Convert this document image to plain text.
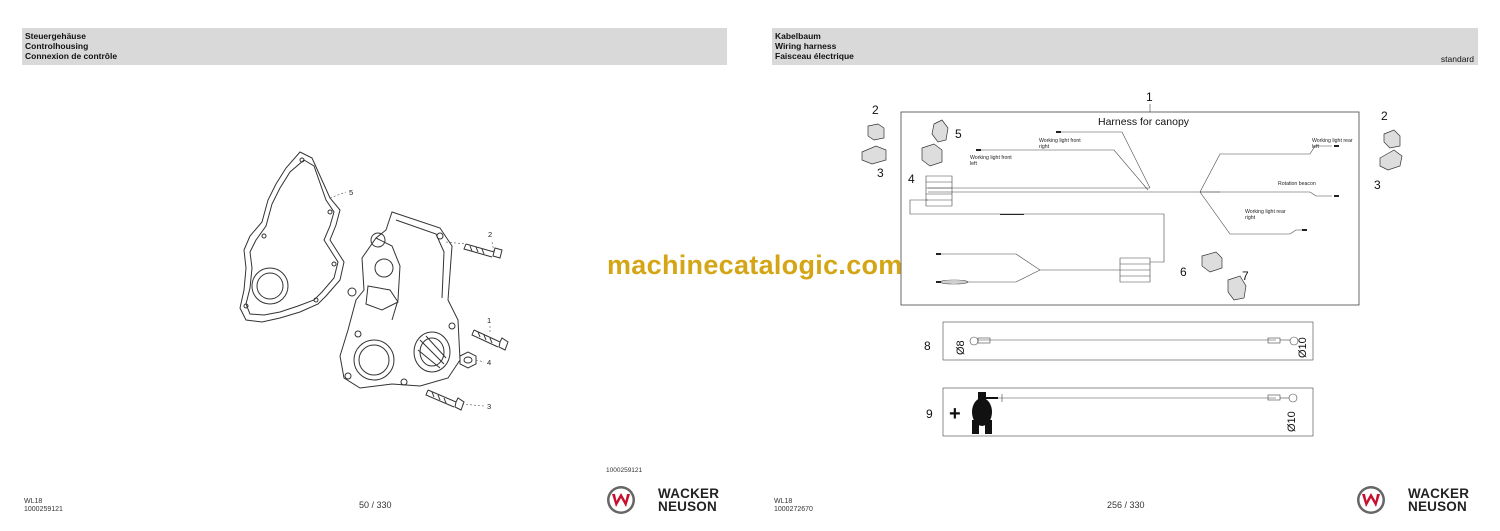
Steuergehäuse
Controlhousing
Connexion de contrôle
5
2
1
4
3
1000259121
WL18
1000259121	50 / 330
WACKER
NEUSON
Kabelbaum
Wiring harness
Faisceau électrique	standard
Harness for canopy
1
2
3
5
4
6	7
8
9
2
3
Working light front
left
Working light front
right
Working light rear
left
Rotation beacon
Working light rear
right
Ø8	Ø10
Ø10
+
WL18
1000272670	256 / 330
WACKER
NEUSON
machinecatalogic.com
